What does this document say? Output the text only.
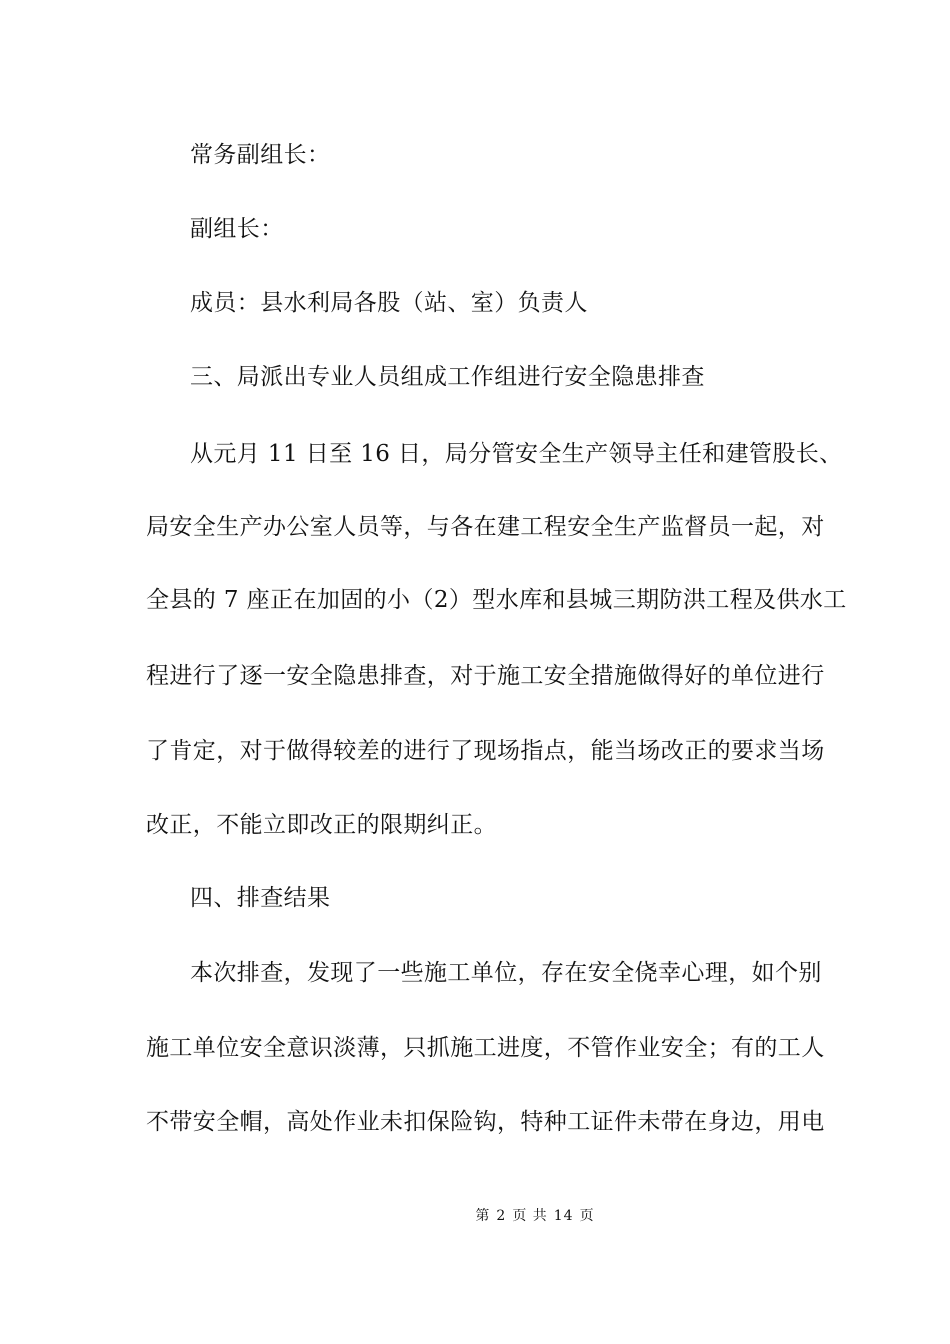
常务副组长：
副组长：
成员：县水利局各股（站、室）负责人
三、局派出专业人员组成工作组进行安全隐患排查
从元月 11 日至 16 日，局分管安全生产领导主任和建管股长、
局安全生产办公室人员等，与各在建工程安全生产监督员一起，对
全县的 7 座正在加固的小（2）型水库和县城三期防洪工程及供水工
程进行了逐一安全隐患排查，对于施工安全措施做得好的单位进行
了肯定，对于做得较差的进行了现场指点，能当场改正的要求当场
改正，不能立即改正的限期纠正。
四、排查结果
本次排查，发现了一些施工单位，存在安全侥幸心理，如个别
施工单位安全意识淡薄，只抓施工进度，不管作业安全；有的工人
不带安全帽，高处作业未扣保险钩，特种工证件未带在身边，用电
第 2 页 共 14 页
